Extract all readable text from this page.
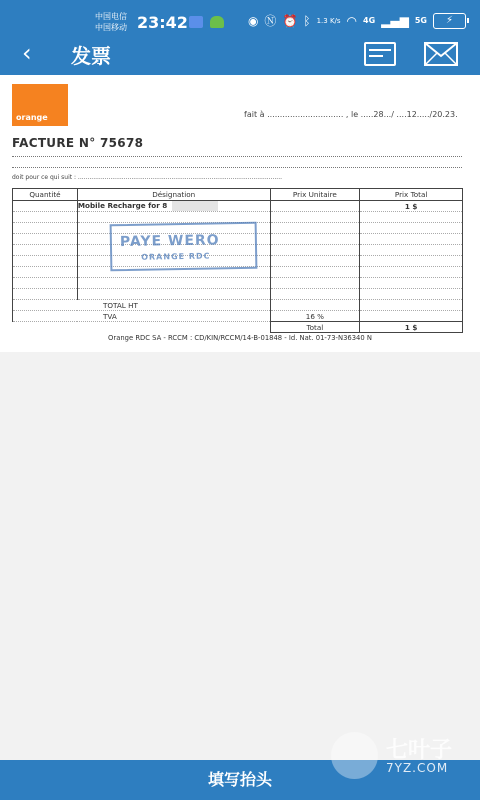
中国电信
中国移动 23:42	◉ Ⓝ ⏰ ᛒ 1.3 K/s ◠ 4G ▂▄▆ 5G	⚡
‹	发票
orange	fait à .............................. , le .....28.../ ....12...../20.23.
FACTURE N° 75678
doit pour ce qui suit : ...........................................................................................................
Quantité	Désignation	Prix Unitaire	Prix Total
	Mobile Recharge for 8		1 $

TOTAL HT			
TVA		16 %	
		Total	1 $
PAYE WERO
ORANGE RDC
Orange RDC SA - RCCM : CD/KIN/RCCM/14-B-01848 - Id. Nat. 01-73-N36340 N
填写抬头
七叶子
7YZ.COM
